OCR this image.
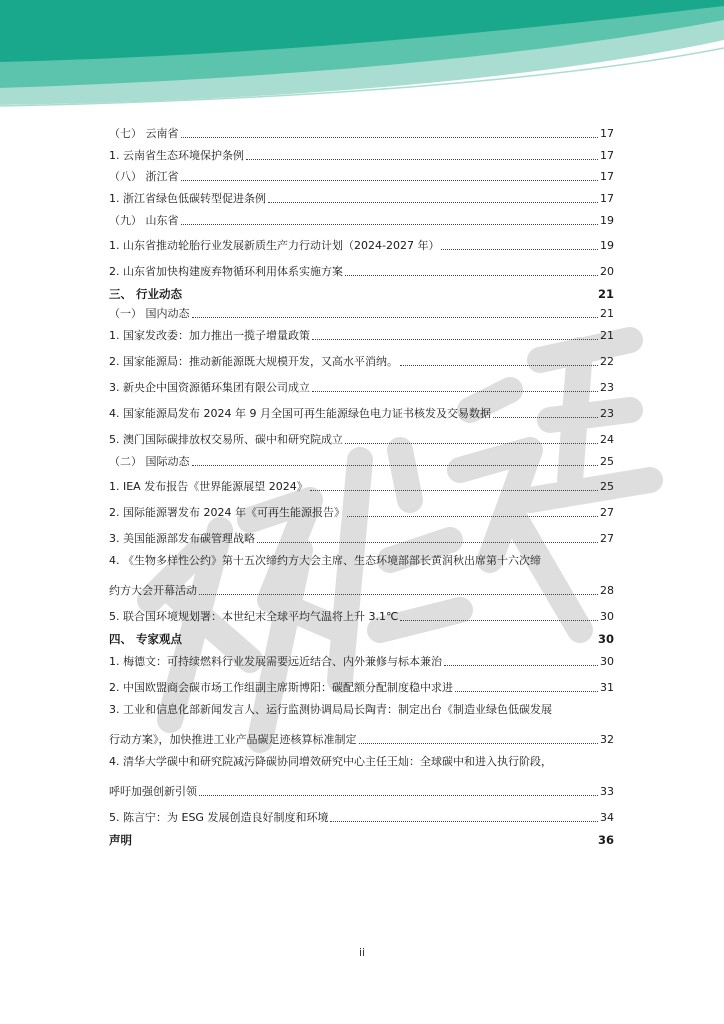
（七） 云南省	17
1. 云南省生态环境保护条例	17
（八） 浙江省	17
1. 浙江省绿色低碳转型促进条例	17
（九） 山东省	19
1. 山东省推动轮胎行业发展新质生产力行动计划（2024-2027 年）	19
2. 山东省加快构建废弃物循环利用体系实施方案	20
三、 行业动态	21
（一） 国内动态	21
1. 国家发改委：加力推出一揽子增量政策	21
2. 国家能源局：推动新能源既大规模开发，又高水平消纳。	22
3. 新央企中国资源循环集团有限公司成立	23
4. 国家能源局发布 2024 年 9 月全国可再生能源绿色电力证书核发及交易数据	23
5. 澳门国际碳排放权交易所、碳中和研究院成立	24
（二） 国际动态	25
1. IEA 发布报告《世界能源展望 2024》	25
2. 国际能源署发布 2024 年《可再生能源报告》	27
3. 美国能源部发布碳管理战略	27
4. 《生物多样性公约》第十五次缔约方大会主席、生态环境部部长黄润秋出席第十六次缔
约方大会开幕活动	28
5. 联合国环境规划署：本世纪末全球平均气温将上升 3.1℃	30
四、 专家观点	30
1. 梅德文：可持续燃料行业发展需要远近结合、内外兼修与标本兼治	30
2. 中国欧盟商会碳市场工作组副主席斯博阳：碳配额分配制度稳中求进	31
3. 工业和信息化部新闻发言人、运行监测协调局局长陶青：制定出台《制造业绿色低碳发展
行动方案》，加快推进工业产品碳足迹核算标准制定	32
4. 清华大学碳中和研究院减污降碳协同增效研究中心主任王灿：全球碳中和进入执行阶段，
呼吁加强创新引领	33
5. 陈言宁：为 ESG 发展创造良好制度和环境	34
声明	36
ii
